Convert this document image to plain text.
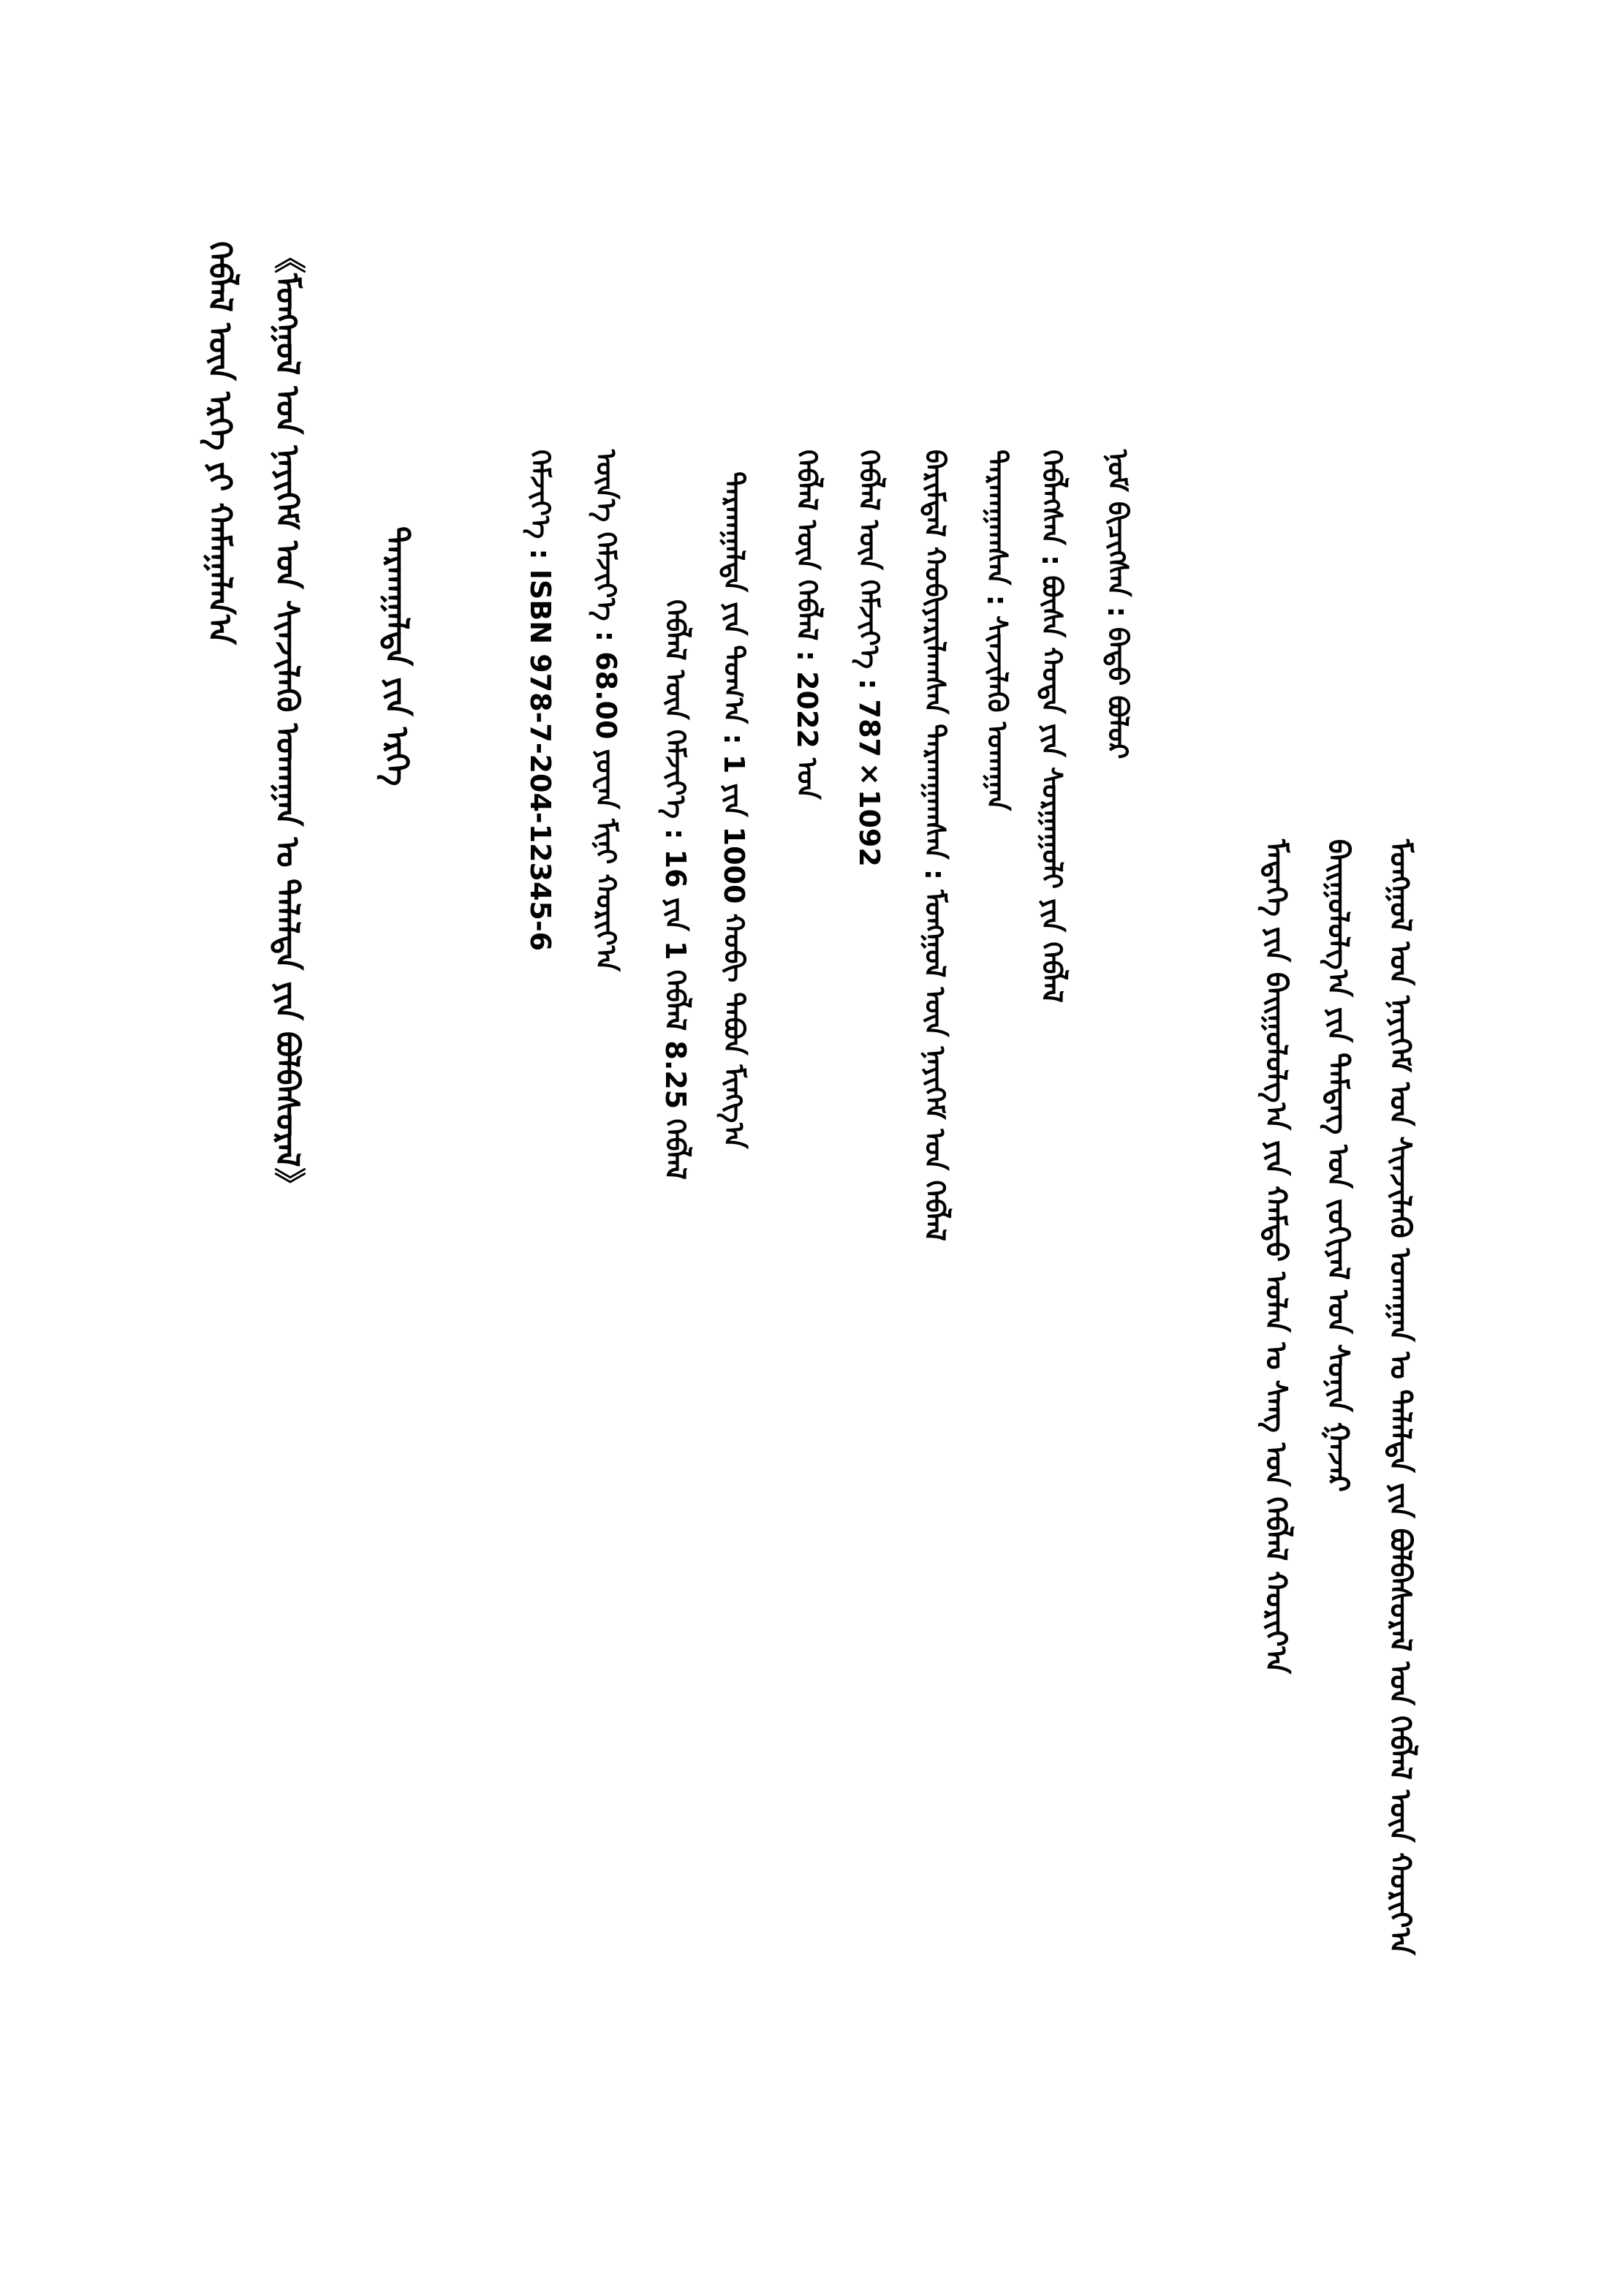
ᠮᠣᠩᠭᠣᠯ ᠤᠨ ᠨᠡᠶᠢᠭᠡᠮ ᠤᠨ ᠰᠢᠨᠵᠢᠯᠡᠬᠦ ᠤᠬᠠᠭᠠᠨ ᠤ ᠲᠡᠯᠡᠯᠲᠡ ᠶᠢᠨ ᠪᠣᠯᠪᠠᠰᠤᠷᠠᠯ ᠤᠨ ᠬᠡᠪᠯᠡᠯ ᠦᠨ ᠬᠣᠷᠢᠶ᠎ᠠ
ᠪᠠᠢᠭᠤᠯᠤᠯᠭ᠎ᠠ ᠶᠢᠨ ᠲᠡᠮᠳᠡᠭ ᠤᠨ ᠵᠣᠬᠢᠶᠠᠯ ᠤᠨ ᠰᠣᠨᠢᠨ ᠭᠠᠵᠠᠷ
ᠮᠡᠳᠡᠭᠡ ᠶᠢᠨ ᠪᠠᠢᠭᠤᠯᠤᠯᠭ᠎ᠠ ᠶᠢᠨ ᠬᠠᠮᠲᠤ ᠣᠯᠠᠨ ᠤ ᠰᠠᠩ ᠤᠨ ᠬᠡᠪᠯᠡᠯ ᠬᠣᠷᠢᠶ᠎ᠠ
ᠨᠣᠮ ᠪᠢᠴᠢᠭᠰᠡᠨ : ᠪᠠᠲᠤ ᠪᠣᠯᠤᠷ
ᠬᠡᠪᠯᠡᠭᠰᠡᠨ : ᠪᠦᠰᠡ ᠬᠣᠲᠠ ᠶᠢᠨ ᠰᠤᠷᠭᠠᠭᠤᠯᠢ ᠶᠢᠨ ᠬᠡᠪᠯᠡᠯ
ᠲᠠᠷᠬᠠᠭᠠᠭᠰᠠᠨ : ᠰᠢᠨᠵᠢᠯᠡᠬᠦ ᠤᠬᠠᠭᠠᠨ
ᠪᠠᠷᠢᠮᠲᠠᠯ ᠬᠣᠪᠢᠶᠠᠷᠢᠯᠠᠭᠰᠠᠨ ᠲᠠᠷᠬᠠᠭᠠᠭᠰᠠᠨ : ᠮᠣᠩᠭᠣᠯ ᠦᠨ ᠨᠡᠶᠢᠭᠡᠮ ᠤᠨ ᠬᠡᠪᠯᠡᠯ
ᠬᠡᠪᠯᠡᠯ ᠦᠨ ᠬᠡᠮᠵᠢᠶ᠎ᠡ : 787×1092
ᠬᠡᠪᠯᠡᠯ ᠦᠨ ᠬᠡᠪᠯᠡᠯ : 2022 ᠣᠨ
ᠲᠠᠷᠬᠠᠭᠠᠯᠲᠠ ᠶᠢᠨ ᠲᠣᠭ᠎ᠠ : 1 ᠶᠢᠨ 1000 ᠬᠤᠪᠢ ᠲᠠᠪᠤᠨ ᠮᠢᠩᠭ᠎ᠠ
ᠬᠡᠪᠯᠡᠯ ᠦᠨ ᠬᠡᠮᠵᠢᠶ᠎ᠡ : 16 ᠶᠢᠨ 1 ᠬᠡᠪᠯᠡᠯ 8.25 ᠬᠡᠪᠯᠡᠯ
ᠦᠨ᠎ᠡ ᠬᠡᠮᠵᠢᠶ᠎ᠡ : 68.00 ᠶᠤᠸᠠᠨ ᠮᠢᠨᠢ ᠬᠣᠷᠢᠶ᠎ᠠ
ᠬᠡᠮᠵᠢᠶ᠎ᠡ : ISBN 978-7-204-12345-6
ᠲᠠᠷᠬᠠᠭᠠᠯᠲᠠ ᠶᠢᠨ ᠡᠷᠬᠡ
《ᠮᠣᠩᠭᠣᠯ ᠤᠨ ᠨᠡᠶᠢᠭᠡᠮ ᠤᠨ ᠰᠢᠨᠵᠢᠯᠡᠬᠦ ᠤᠬᠠᠭᠠᠨ ᠤ ᠲᠡᠯᠡᠯᠲᠡ ᠶᠢᠨ ᠪᠣᠯᠪᠠᠰᠤᠷᠠᠯ》
ᠬᠡᠪᠯᠡᠯ ᠦᠨ ᠡᠷᠬᠡ ᠶᠢ ᠬᠠᠮᠠᠭᠠᠯᠠᠨ᠎ᠠ
